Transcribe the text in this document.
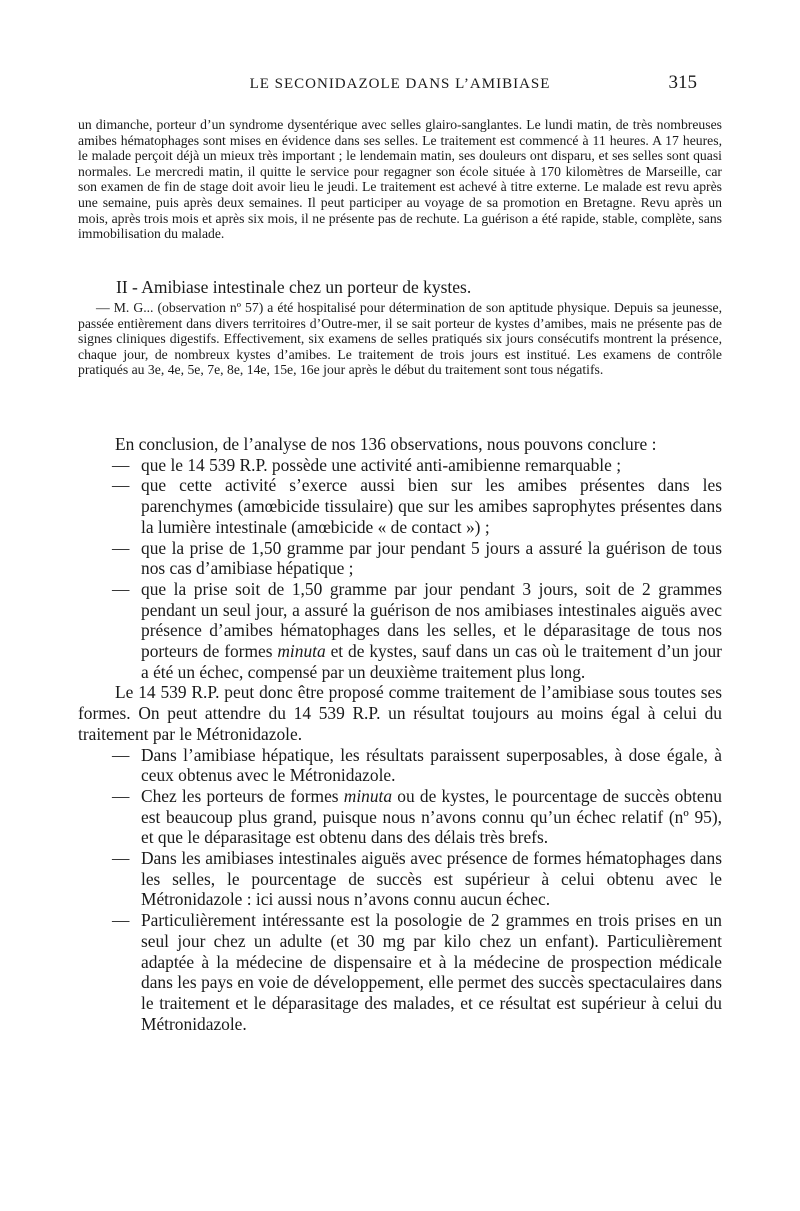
LE SECONIDAZOLE DANS L’AMIBIASE	315

un dimanche, porteur d’un syndrome dysentérique avec selles glairo-sanglantes. Le lundi matin, de très nombreuses amibes hématophages sont mises en évidence dans ses selles. Le traitement est commencé à 11 heures. A 17 heures, le malade perçoit déjà un mieux très important ; le lendemain matin, ses douleurs ont disparu, et ses selles sont quasi normales. Le mercredi matin, il quitte le service pour regagner son école située à 170 kilomètres de Marseille, car son examen de fin de stage doit avoir lieu le jeudi. Le traitement est achevé à titre externe. Le malade est revu après une semaine, puis après deux semaines. Il peut participer au voyage de sa promotion en Bretagne. Revu après un mois, après trois mois et après six mois, il ne présente pas de rechute. La guérison a été rapide, stable, complète, sans immobilisation du malade.

II - Amibiase intestinale chez un porteur de kystes.

— M. G... (observation nº 57) a été hospitalisé pour détermination de son aptitude physique. Depuis sa jeunesse, passée entièrement dans divers territoires d’Outre-mer, il se sait porteur de kystes d’amibes, mais ne présente pas de signes cliniques digestifs. Effectivement, six examens de selles pratiqués six jours consécutifs montrent la présence, chaque jour, de nombreux kystes d’amibes. Le traitement de trois jours est institué. Les examens de contrôle pratiqués au 3e, 4e, 5e, 7e, 8e, 14e, 15e, 16e jour après le début du traitement sont tous négatifs.

En conclusion, de l’analyse de nos 136 observations, nous pouvons conclure :

— que le 14 539 R.P. possède une activité anti-amibienne remarquable ;
— que cette activité s’exerce aussi bien sur les amibes présentes dans les parenchymes (amœbicide tissulaire) que sur les amibes saprophytes présentes dans la lumière intestinale (amœbicide « de contact ») ;
— que la prise de 1,50 gramme par jour pendant 5 jours a assuré la guérison de tous nos cas d’amibiase hépatique ;
— que la prise soit de 1,50 gramme par jour pendant 3 jours, soit de 2 grammes pendant un seul jour, a assuré la guérison de nos amibiases intestinales aiguës avec présence d’amibes hématophages dans les selles, et le déparasitage de tous nos porteurs de formes minuta et de kystes, sauf dans un cas où le traitement d’un jour a été un échec, compensé par un deuxième traitement plus long.

Le 14 539 R.P. peut donc être proposé comme traitement de l’amibiase sous toutes ses formes. On peut attendre du 14 539 R.P. un résultat toujours au moins égal à celui du traitement par le Métronidazole.

— Dans l’amibiase hépatique, les résultats paraissent superposables, à dose égale, à ceux obtenus avec le Métronidazole.
— Chez les porteurs de formes minuta ou de kystes, le pourcentage de succès obtenu est beaucoup plus grand, puisque nous n’avons connu qu’un échec relatif (nº 95), et que le déparasitage est obtenu dans des délais très brefs.
— Dans les amibiases intestinales aiguës avec présence de formes hématophages dans les selles, le pourcentage de succès est supérieur à celui obtenu avec le Métronidazole : ici aussi nous n’avons connu aucun échec.
— Particulièrement intéressante est la posologie de 2 grammes en trois prises en un seul jour chez un adulte (et 30 mg par kilo chez un enfant). Particulièrement adaptée à la médecine de dispensaire et à la médecine de prospection médicale dans les pays en voie de développement, elle permet des succès spectaculaires dans le traitement et le déparasitage des malades, et ce résultat est supérieur à celui du Métronidazole.
